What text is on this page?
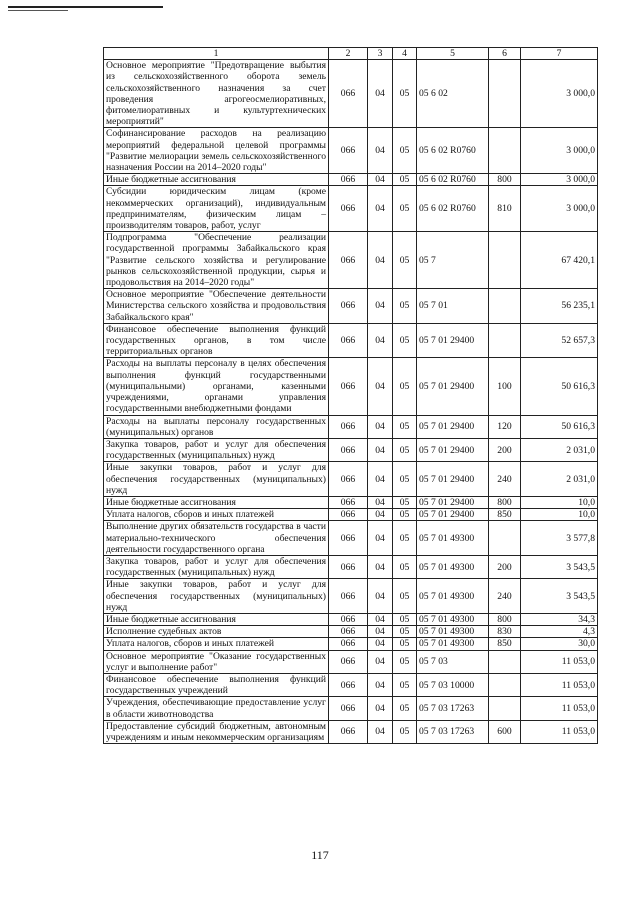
1	2	3	4	5	6	7
Основное мероприятие "Предотвращение выбытия из сельскохозяйственного оборота земель сельскохозяйственного назначения за счет проведения агрогеосмелиоративных, фитомелиоративных и культуртехнических мероприятий"	066	04	05	05 6 02		3 000,0
Софинансирование расходов на реализацию мероприятий федеральной целевой программы "Развитие мелиорации земель сельскохозяйственного назначения России на 2014–2020 годы"	066	04	05	05 6 02 R0760		3 000,0
Иные бюджетные ассигнования	066	04	05	05 6 02 R0760	800	3 000,0
Субсидии юридическим лицам (кроме некоммерческих организаций), индивидуальным предпринимателям, физическим лицам – производителям товаров, работ, услуг	066	04	05	05 6 02 R0760	810	3 000,0
Подпрограмма "Обеспечение реализации государственной программы Забайкальского края "Развитие сельского хозяйства и регулирование рынков сельскохозяйственной продукции, сырья и продовольствия на 2014–2020 годы"	066	04	05	05 7		67 420,1
Основное мероприятие "Обеспечение деятельности Министерства сельского хозяйства и продовольствия Забайкальского края"	066	04	05	05 7 01		56 235,1
Финансовое обеспечение выполнения функций государственных органов, в том числе территориальных органов	066	04	05	05 7 01 29400		52 657,3
Расходы на выплаты персоналу в целях обеспечения выполнения функций государственными (муниципальными) органами, казенными учреждениями, органами управления государственными внебюджетными фондами	066	04	05	05 7 01 29400	100	50 616,3
Расходы на выплаты персоналу государственных (муниципальных) органов	066	04	05	05 7 01 29400	120	50 616,3
Закупка товаров, работ и услуг для обеспечения государственных (муниципальных) нужд	066	04	05	05 7 01 29400	200	2 031,0
Иные закупки товаров, работ и услуг для обеспечения государственных (муниципальных) нужд	066	04	05	05 7 01 29400	240	2 031,0
Иные бюджетные ассигнования	066	04	05	05 7 01 29400	800	10,0
Уплата налогов, сборов и иных платежей	066	04	05	05 7 01 29400	850	10,0
Выполнение других обязательств государства в части материально-технического обеспечения деятельности государственного органа	066	04	05	05 7 01 49300		3 577,8
Закупка товаров, работ и услуг для обеспечения государственных (муниципальных) нужд	066	04	05	05 7 01 49300	200	3 543,5
Иные закупки товаров, работ и услуг для обеспечения государственных (муниципальных) нужд	066	04	05	05 7 01 49300	240	3 543,5
Иные бюджетные ассигнования	066	04	05	05 7 01 49300	800	34,3
Исполнение судебных актов	066	04	05	05 7 01 49300	830	4,3
Уплата налогов, сборов и иных платежей	066	04	05	05 7 01 49300	850	30,0
Основное мероприятие "Оказание государственных услуг и выполнение работ"	066	04	05	05 7 03		11 053,0
Финансовое обеспечение выполнения функций государственных учреждений	066	04	05	05 7 03 10000		11 053,0
Учреждения, обеспечивающие предоставление услуг в области животноводства	066	04	05	05 7 03 17263		11 053,0
Предоставление субсидий бюджетным, автономным учреждениям и иным некоммерческим организациям	066	04	05	05 7 03 17263	600	11 053,0
117
